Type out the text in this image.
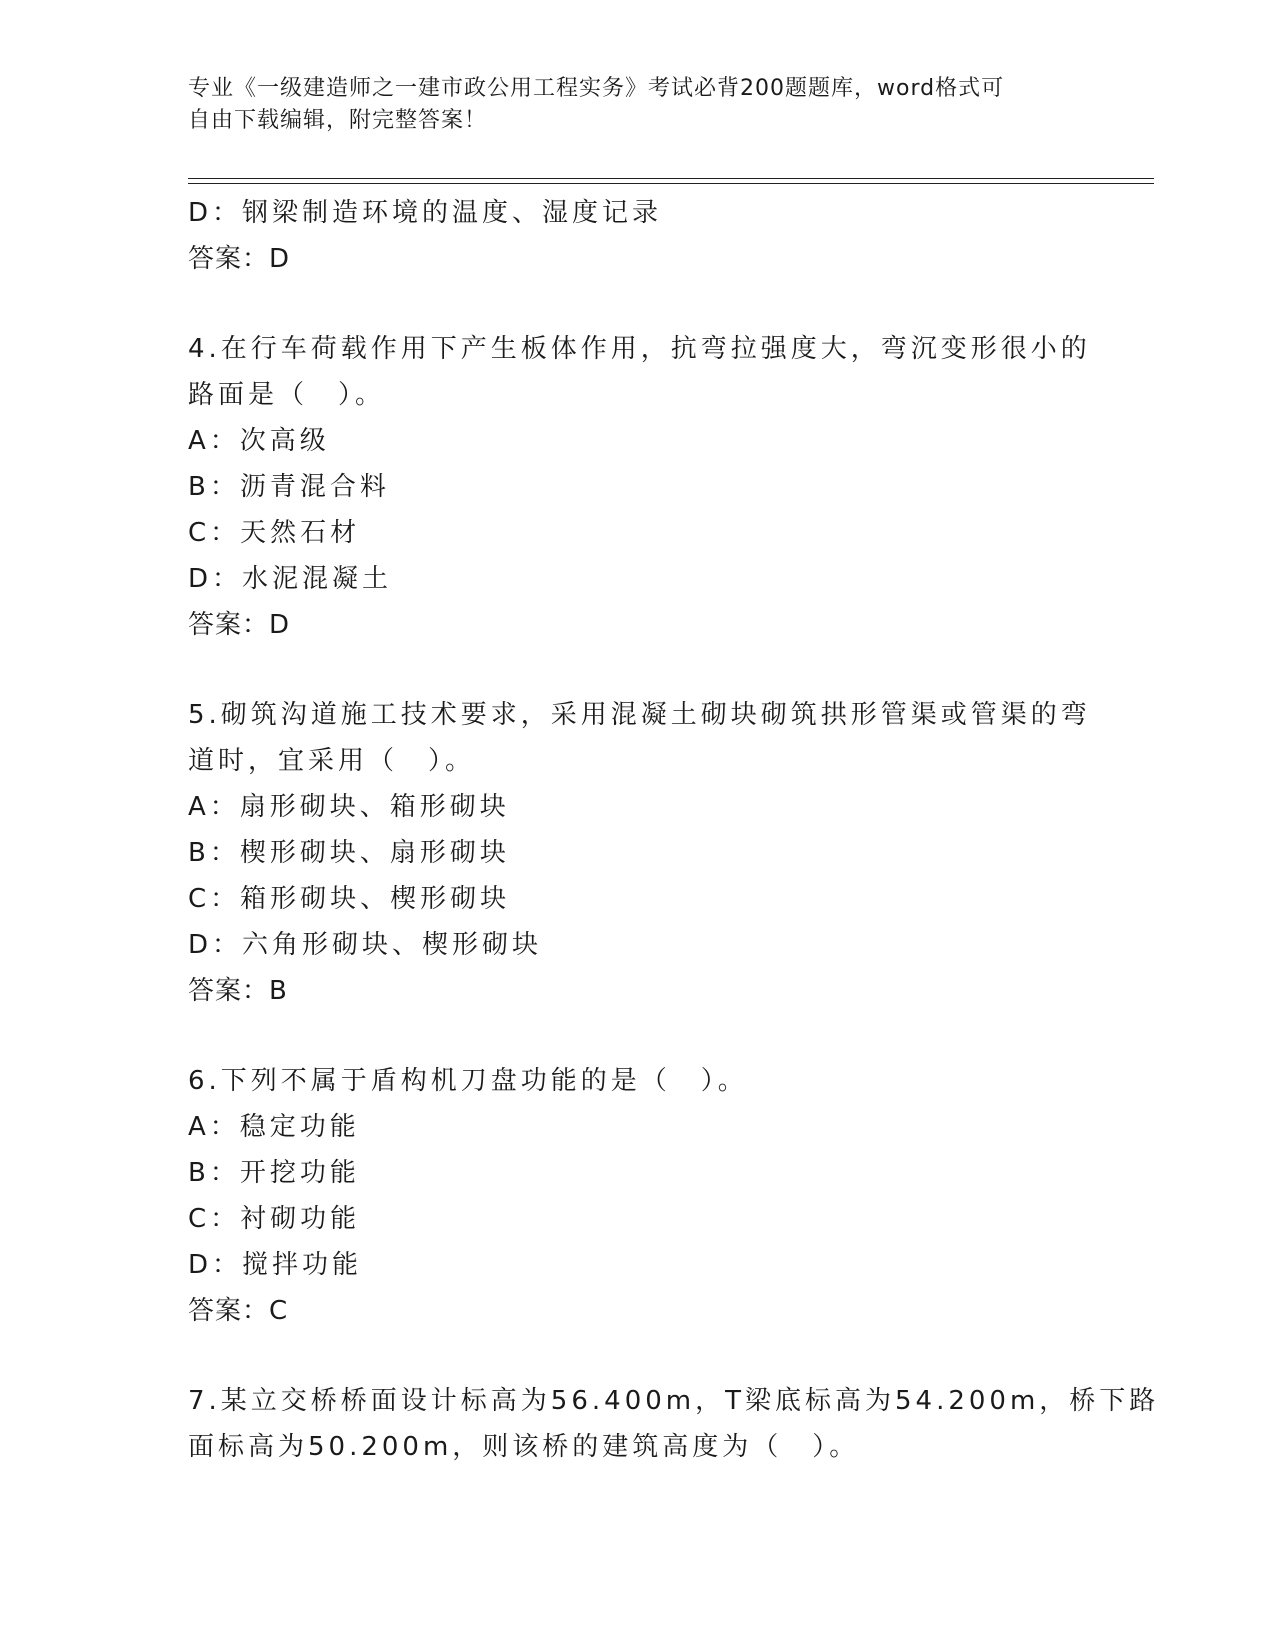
专业《一级建造师之一建市政公用工程实务》考试必背200题题库，word格式可
自由下载编辑，附完整答案！
D：钢梁制造环境的温度、湿度记录
答案：D
4.在行车荷载作用下产生板体作用，抗弯拉强度大，弯沉变形很小的
路面是（　）。
A：次高级
B：沥青混合料
C：天然石材
D：水泥混凝土
答案：D
5.砌筑沟道施工技术要求，采用混凝土砌块砌筑拱形管渠或管渠的弯
道时，宜采用（　）。
A：扇形砌块、箱形砌块
B：楔形砌块、扇形砌块
C：箱形砌块、楔形砌块
D：六角形砌块、楔形砌块
答案：B
6.下列不属于盾构机刀盘功能的是（　）。
A：稳定功能
B：开挖功能
C：衬砌功能
D：搅拌功能
答案：C
7.某立交桥桥面设计标高为56.400m，T梁底标高为54.200m，桥下路
面标高为50.200m，则该桥的建筑高度为（　）。
